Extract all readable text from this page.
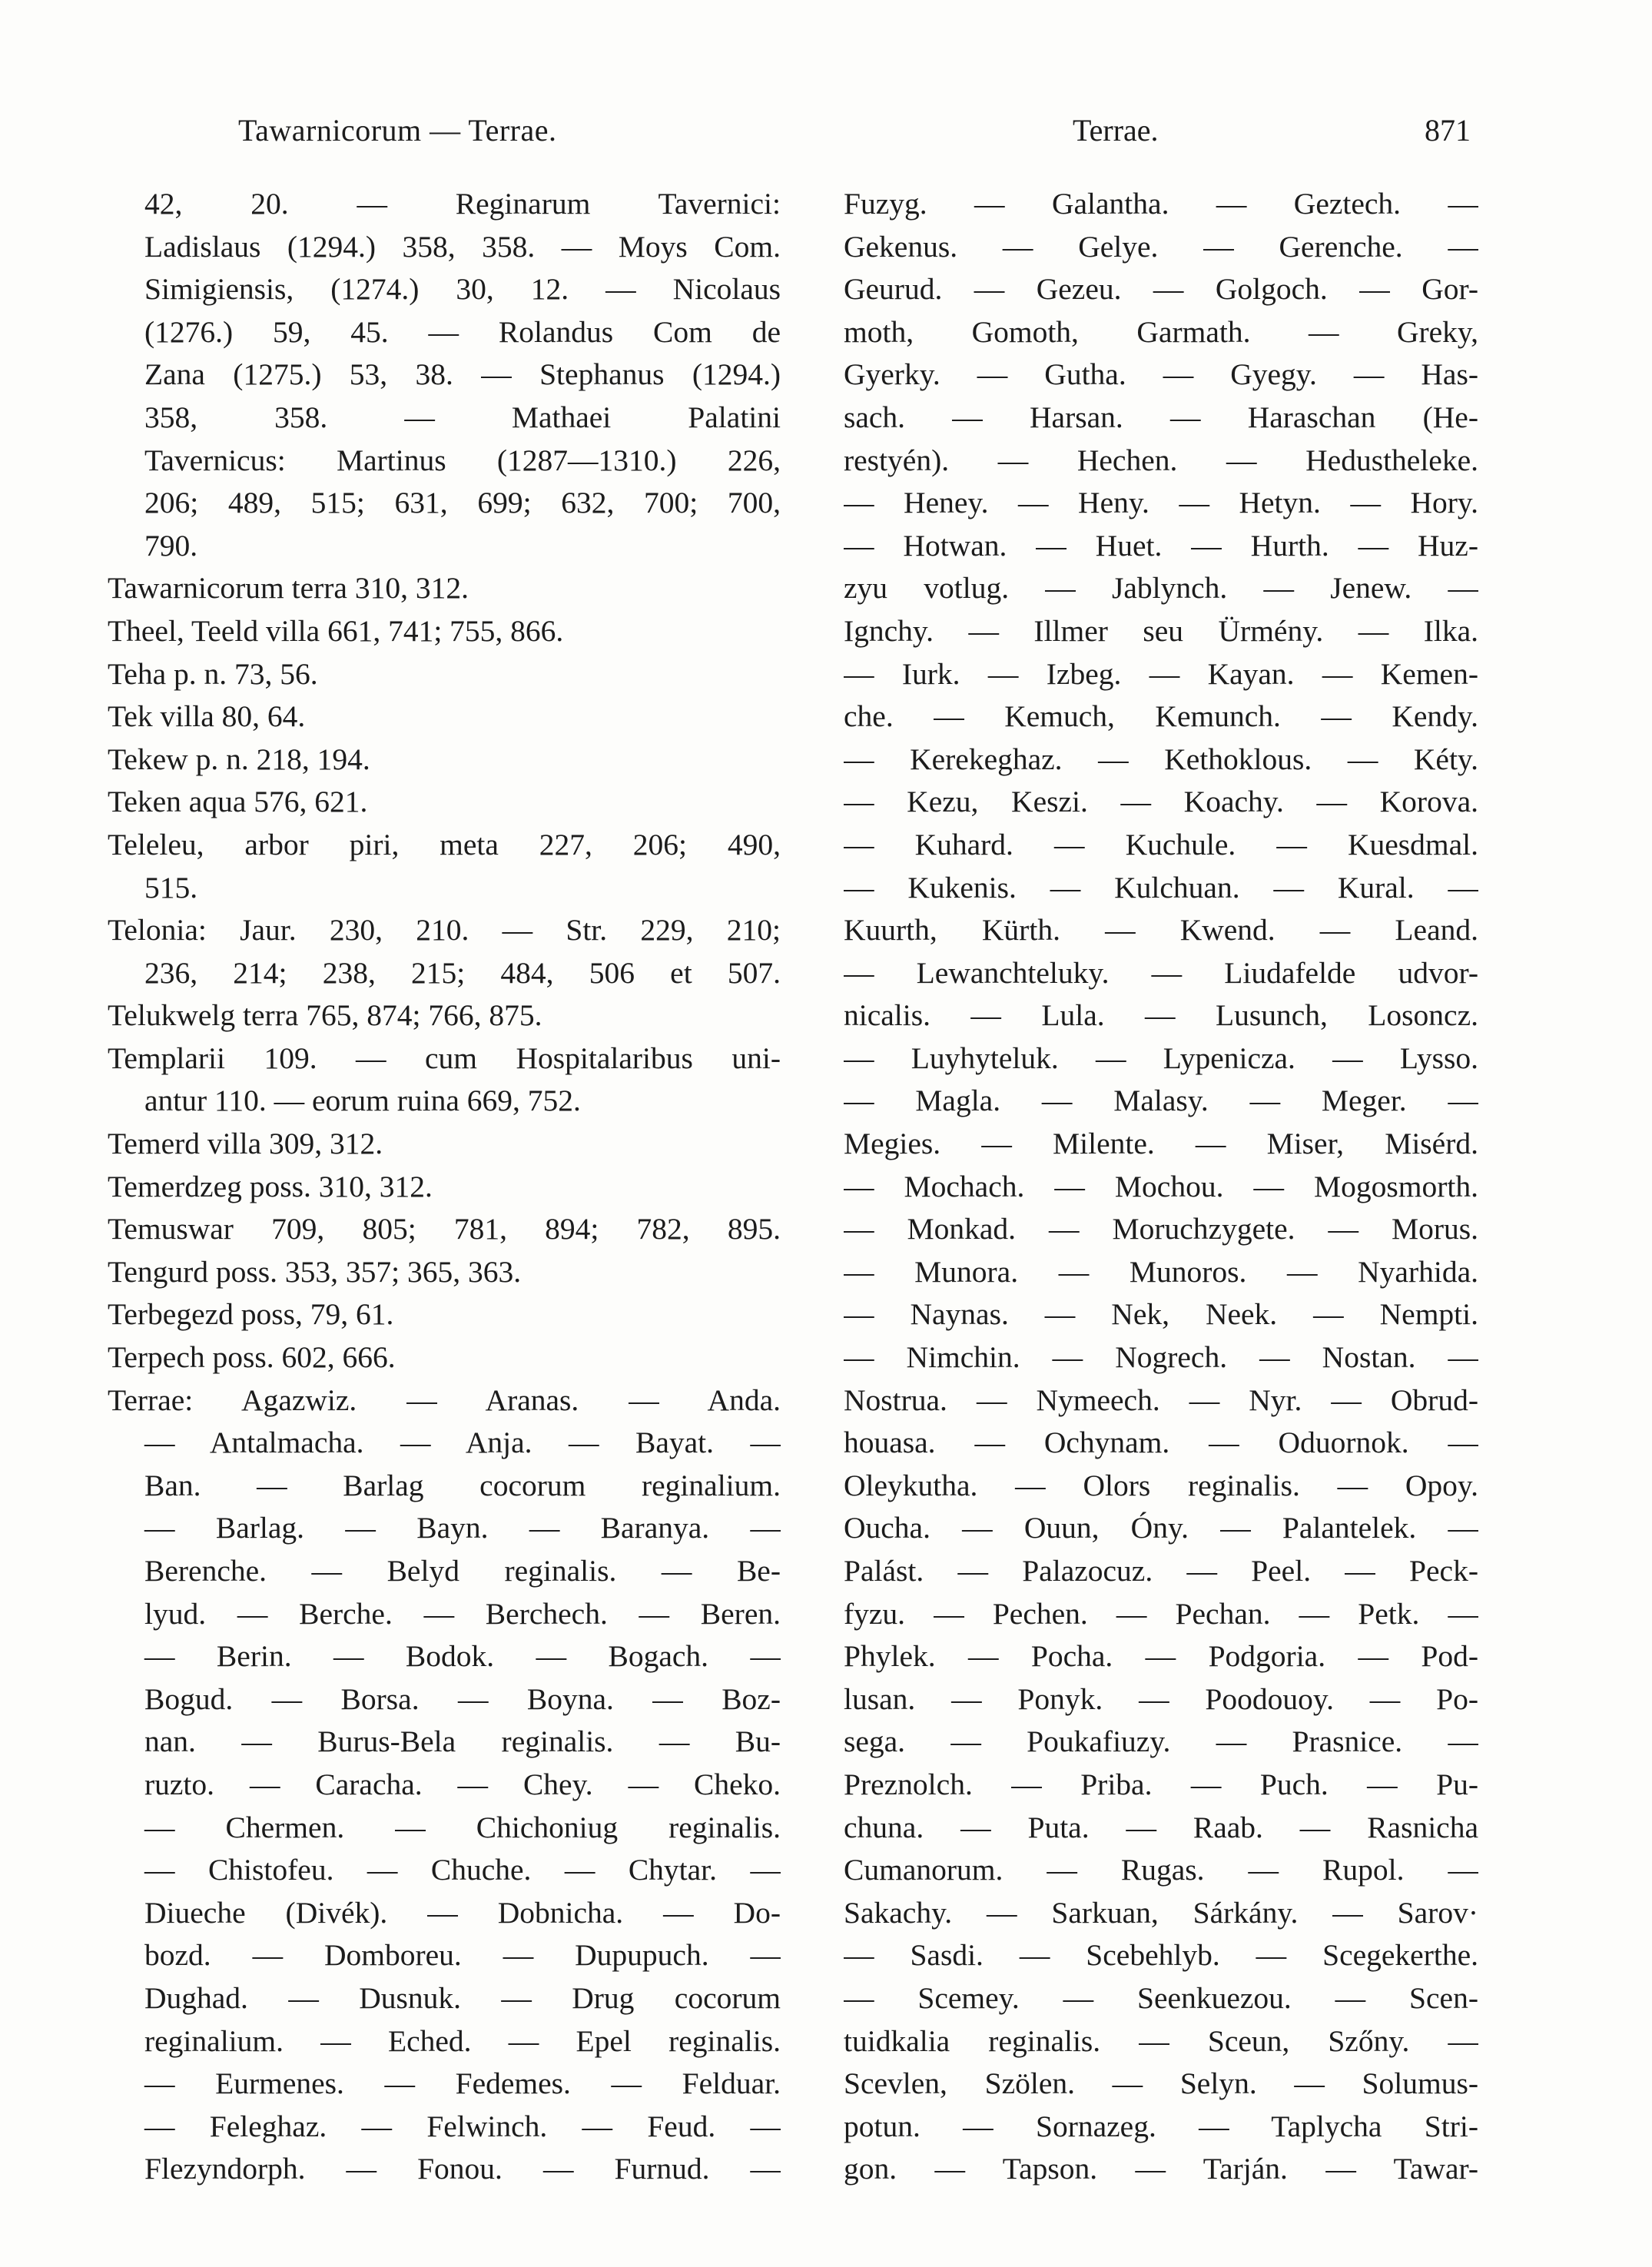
Tawarnicorum — Terrae.	Terrae.	871
42, 20. — Reginarum Tavernici:
Ladislaus (1294.) 358, 358. — Moys Com.
Simigiensis, (1274.) 30, 12. — Nicolaus
(1276.) 59, 45. — Rolandus Com de
Zana (1275.) 53, 38. — Stephanus (1294.)
358, 358. — Mathaei Palatini
Tavernicus: Martinus (1287—1310.) 226,
206; 489, 515; 631, 699; 632, 700; 700,
790.
Tawarnicorum terra 310, 312.
Theel, Teeld villa 661, 741; 755, 866.
Teha p. n. 73, 56.
Tek villa 80, 64.
Tekew p. n. 218, 194.
Teken aqua 576, 621.
Teleleu, arbor piri, meta 227, 206; 490,
515.
Telonia: Jaur. 230, 210. — Str. 229, 210;
236, 214; 238, 215; 484, 506 et 507.
Telukwelg terra 765, 874; 766, 875.
Templarii 109. — cum Hospitalaribus uni-
antur 110. — eorum ruina 669, 752.
Temerd villa 309, 312.
Temerdzeg poss. 310, 312.
Temuswar 709, 805; 781, 894; 782, 895.
Tengurd poss. 353, 357; 365, 363.
Terbegezd poss, 79, 61.
Terpech poss. 602, 666.
Terrae: Agazwiz. — Aranas. — Anda.
— Antalmacha. — Anja. — Bayat. —
Ban. — Barlag cocorum reginalium.
— Barlag. — Bayn. — Baranya. —
Berenche. — Belyd reginalis. — Be-
lyud. — Berche. — Berchech. — Beren.
— Berin. — Bodok. — Bogach. —
Bogud. — Borsa. — Boyna. — Boz-
nan. — Burus-Bela reginalis. — Bu-
ruzto. — Caracha. — Chey. — Cheko.
— Chermen. — Chichoniug reginalis.
— Chistofeu. — Chuche. — Chytar. —
Diueche (Divék). — Dobnicha. — Do-
bozd. — Domboreu. — Dupupuch. —
Dughad. — Dusnuk. — Drug cocorum
reginalium. — Eched. — Epel reginalis.
— Eurmenes. — Fedemes. — Felduar.
— Feleghaz. — Felwinch. — Feud. —
Flezyndorph. — Fonou. — Furnud. —
Fuzyg. — Galantha. — Geztech. —
Gekenus. — Gelye. — Gerenche. —
Geurud. — Gezeu. — Golgoch. — Gor-
moth, Gomoth, Garmath. — Greky,
Gyerky. — Gutha. — Gyegy. — Has-
sach. — Harsan. — Haraschan (He-
restyén). — Hechen. — Hedustheleke.
— Heney. — Heny. — Hetyn. — Hory.
— Hotwan. — Huet. — Hurth. — Huz-
zyu votlug. — Jablynch. — Jenew. —
Ignchy. — Illmer seu Ürmény. — Ilka.
— Iurk. — Izbeg. — Kayan. — Kemen-
che. — Kemuch, Kemunch. — Kendy.
— Kerekeghaz. — Kethoklous. — Kéty.
— Kezu, Keszi. — Koachy. — Korova.
— Kuhard. — Kuchule. — Kuesdmal.
— Kukenis. — Kulchuan. — Kural. —
Kuurth, Kürth. — Kwend. — Leand.
— Lewanchteluky. — Liudafelde udvor-
nicalis. — Lula. — Lusunch, Losoncz.
— Luyhyteluk. — Lypenicza. — Lysso.
— Magla. — Malasy. — Meger. —
Megies. — Milente. — Miser, Misérd.
— Mochach. — Mochou. — Mogosmorth.
— Monkad. — Moruchzygete. — Morus.
— Munora. — Munoros. — Nyarhida.
— Naynas. — Nek, Neek. — Nempti.
— Nimchin. — Nogrech. — Nostan. —
Nostrua. — Nymeech. — Nyr. — Obrud-
houasa. — Ochynam. — Oduornok. —
Oleykutha. — Olors reginalis. — Opoy.
Oucha. — Ouun, Óny. — Palantelek. —
Palást. — Palazocuz. — Peel. — Peck-
fyzu. — Pechen. — Pechan. — Petk. —
Phylek. — Pocha. — Podgoria. — Pod-
lusan. — Ponyk. — Poodouoy. — Po-
sega. — Poukafiuzy. — Prasnice. —
Preznolch. — Priba. — Puch. — Pu-
chuna. — Puta. — Raab. — Rasnicha
Cumanorum. — Rugas. — Rupol. —
Sakachy. — Sarkuan, Sárkány. — Sarov·
— Sasdi. — Scebehlyb. — Scegekerthe.
— Scemey. — Seenkuezou. — Scen-
tuidkalia reginalis. — Sceun, Szőny. —
Scevlen, Szölen. — Selyn. — Solumus-
potun. — Sornazeg. — Taplycha Stri-
gon. — Tapson. — Tarján. — Tawar-
